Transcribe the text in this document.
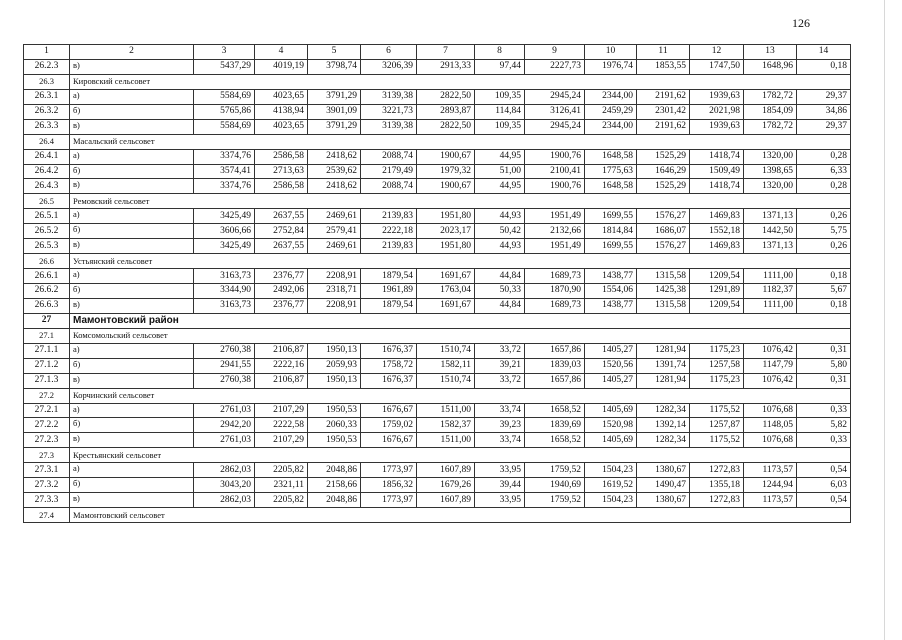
126
1	2	3	4	5	6	7	8	9	10	11	12	13	14
26.2.3	в)	5437,29	4019,19	3798,74	3206,39	2913,33	97,44	2227,73	1976,74	1853,55	1747,50	1648,96	0,18
26.3	Кировский сельсовет												
26.3.1	а)	5584,69	4023,65	3791,29	3139,38	2822,50	109,35	2945,24	2344,00	2191,62	1939,63	1782,72	29,37
26.3.2	б)	5765,86	4138,94	3901,09	3221,73	2893,87	114,84	3126,41	2459,29	2301,42	2021,98	1854,09	34,86
26.3.3	в)	5584,69	4023,65	3791,29	3139,38	2822,50	109,35	2945,24	2344,00	2191,62	1939,63	1782,72	29,37
26.4	Масальский сельсовет												
26.4.1	а)	3374,76	2586,58	2418,62	2088,74	1900,67	44,95	1900,76	1648,58	1525,29	1418,74	1320,00	0,28
26.4.2	б)	3574,41	2713,63	2539,62	2179,49	1979,32	51,00	2100,41	1775,63	1646,29	1509,49	1398,65	6,33
26.4.3	в)	3374,76	2586,58	2418,62	2088,74	1900,67	44,95	1900,76	1648,58	1525,29	1418,74	1320,00	0,28
26.5	Ремовский сельсовет												
26.5.1	а)	3425,49	2637,55	2469,61	2139,83	1951,80	44,93	1951,49	1699,55	1576,27	1469,83	1371,13	0,26
26.5.2	б)	3606,66	2752,84	2579,41	2222,18	2023,17	50,42	2132,66	1814,84	1686,07	1552,18	1442,50	5,75
26.5.3	в)	3425,49	2637,55	2469,61	2139,83	1951,80	44,93	1951,49	1699,55	1576,27	1469,83	1371,13	0,26
26.6	Устьянский сельсовет												
26.6.1	а)	3163,73	2376,77	2208,91	1879,54	1691,67	44,84	1689,73	1438,77	1315,58	1209,54	1111,00	0,18
26.6.2	б)	3344,90	2492,06	2318,71	1961,89	1763,04	50,33	1870,90	1554,06	1425,38	1291,89	1182,37	5,67
26.6.3	в)	3163,73	2376,77	2208,91	1879,54	1691,67	44,84	1689,73	1438,77	1315,58	1209,54	1111,00	0,18
27	Мамонтовский район												
27.1	Комсомольский сельсовет												
27.1.1	а)	2760,38	2106,87	1950,13	1676,37	1510,74	33,72	1657,86	1405,27	1281,94	1175,23	1076,42	0,31
27.1.2	б)	2941,55	2222,16	2059,93	1758,72	1582,11	39,21	1839,03	1520,56	1391,74	1257,58	1147,79	5,80
27.1.3	в)	2760,38	2106,87	1950,13	1676,37	1510,74	33,72	1657,86	1405,27	1281,94	1175,23	1076,42	0,31
27.2	Корчинский сельсовет												
27.2.1	а)	2761,03	2107,29	1950,53	1676,67	1511,00	33,74	1658,52	1405,69	1282,34	1175,52	1076,68	0,33
27.2.2	б)	2942,20	2222,58	2060,33	1759,02	1582,37	39,23	1839,69	1520,98	1392,14	1257,87	1148,05	5,82
27.2.3	в)	2761,03	2107,29	1950,53	1676,67	1511,00	33,74	1658,52	1405,69	1282,34	1175,52	1076,68	0,33
27.3	Крестьянский сельсовет												
27.3.1	а)	2862,03	2205,82	2048,86	1773,97	1607,89	33,95	1759,52	1504,23	1380,67	1272,83	1173,57	0,54
27.3.2	б)	3043,20	2321,11	2158,66	1856,32	1679,26	39,44	1940,69	1619,52	1490,47	1355,18	1244,94	6,03
27.3.3	в)	2862,03	2205,82	2048,86	1773,97	1607,89	33,95	1759,52	1504,23	1380,67	1272,83	1173,57	0,54
27.4	Мамонтовский сельсовет												
